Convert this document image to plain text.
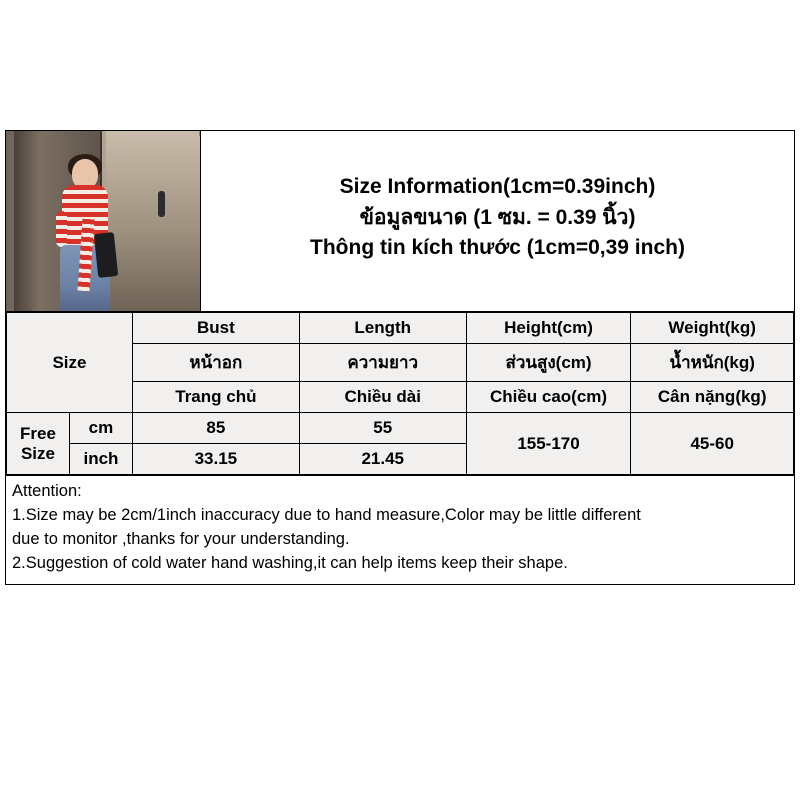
Size Information(1cm=0.39inch)
ข้อมูลขนาด (1 ซม. = 0.39 นิ้ว)
Thông tin kích thước (1cm=0,39 inch)
Size		Bust	Length	Height(cm)	Weight(kg)
		หน้าอก	ความยาว	ส่วนสูง(cm)	น้ำหนัก(kg)
		Trang chủ	Chiều dài	Chiều cao(cm)	Cân nặng(kg)
Free Size	cm	85	55	155-170	45-60
	inch	33.15	21.45		

Attention:

1.Size may be 2cm/1inch inaccuracy due to hand measure,Color may be little different

due to monitor ,thanks for your understanding.

2.Suggestion of cold water hand washing,it can help items keep their shape.
